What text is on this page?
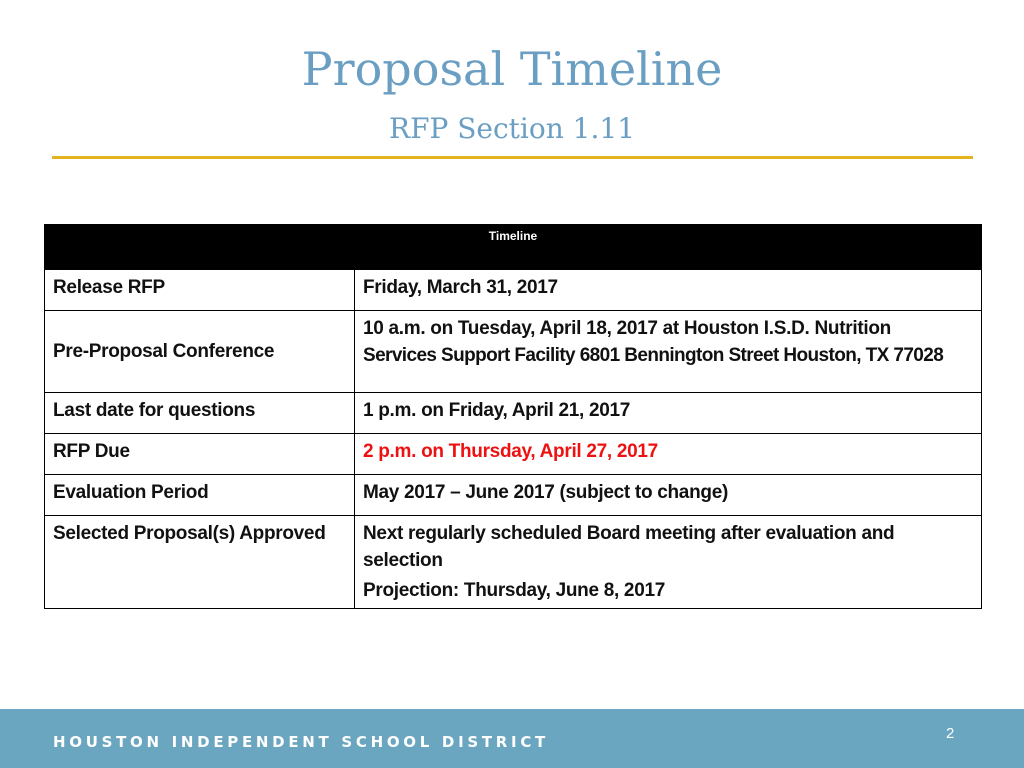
Proposal Timeline
RFP Section 1.11
Timeline	
Release RFP	Friday, March 31, 2017

Pre-Proposal Conference	10 a.m. on Tuesday, April 18, 2017 at Houston I.S.D. Nutrition
Services Support Facility 6801 Bennington Street Houston, TX 77028

Last date for questions	1 p.m. on Friday, April 21, 2017

RFP Due	2 p.m. on Thursday, April 27, 2017

Evaluation Period	May 2017 – June 2017 (subject to change)

Selected Proposal(s) Approved	Next regularly scheduled Board meeting after evaluation and
selection
Projection: Thursday, June 8, 2017
HOUSTON INDEPENDENT SCHOOL DISTRICT	2
